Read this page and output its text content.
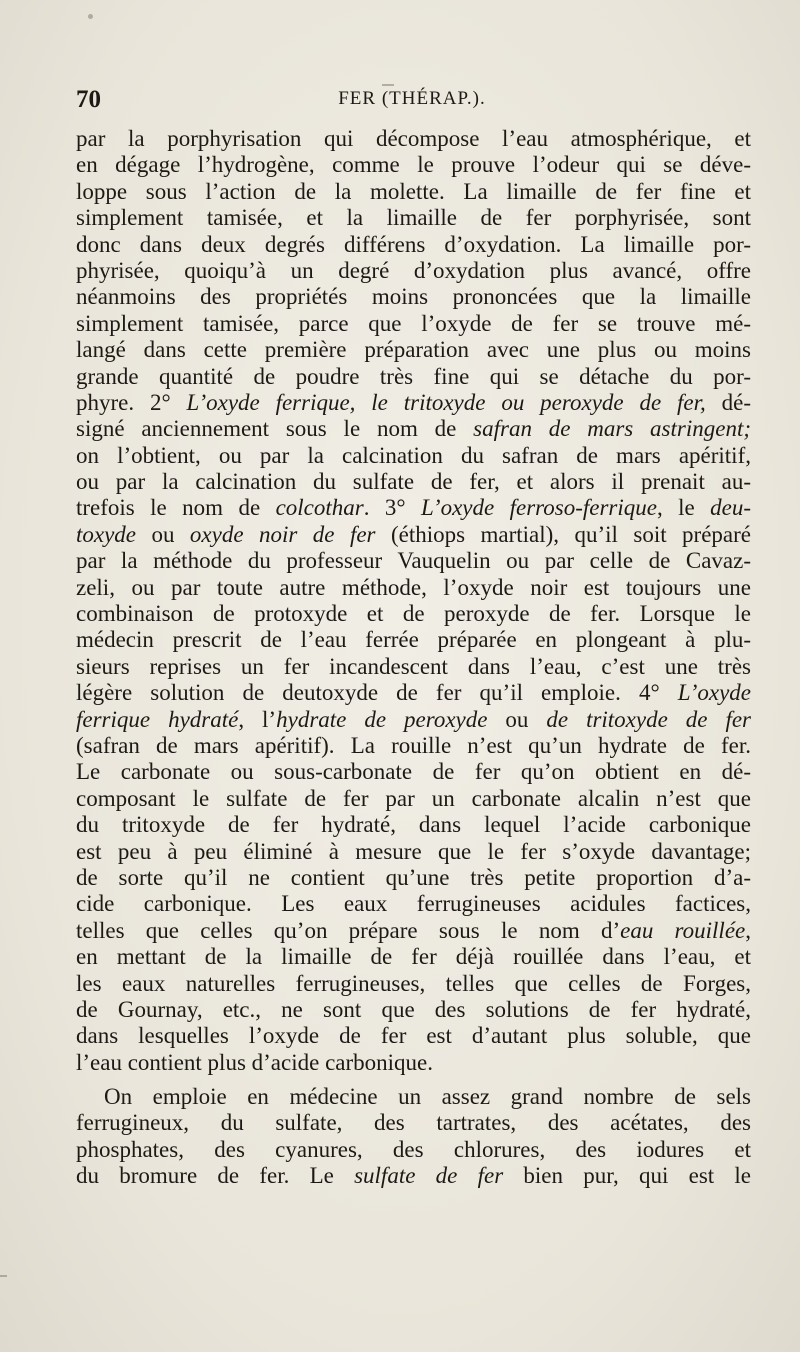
70	FER (THÉRAP.).
par la porphyrisation qui décompose l’eau atmosphérique, et
en dégage l’hydrogène, comme le prouve l’odeur qui se déve-
loppe sous l’action de la molette. La limaille de fer fine et
simplement tamisée, et la limaille de fer porphyrisée, sont
donc dans deux degrés différens d’oxydation. La limaille por-
phyrisée, quoiqu’à un degré d’oxydation plus avancé, offre
néanmoins des propriétés moins prononcées que la limaille
simplement tamisée, parce que l’oxyde de fer se trouve mé-
langé dans cette première préparation avec une plus ou moins
grande quantité de poudre très fine qui se détache du por-
phyre. 2° L’oxyde ferrique, le tritoxyde ou peroxyde de fer, dé-
signé anciennement sous le nom de safran de mars astringent;
on l’obtient, ou par la calcination du safran de mars apéritif,
ou par la calcination du sulfate de fer, et alors il prenait au-
trefois le nom de colcothar. 3° L’oxyde ferroso-ferrique, le deu-
toxyde ou oxyde noir de fer (éthiops martial), qu’il soit préparé
par la méthode du professeur Vauquelin ou par celle de Cavaz-
zeli, ou par toute autre méthode, l’oxyde noir est toujours une
combinaison de protoxyde et de peroxyde de fer. Lorsque le
médecin prescrit de l’eau ferrée préparée en plongeant à plu-
sieurs reprises un fer incandescent dans l’eau, c’est une très
légère solution de deutoxyde de fer qu’il emploie. 4° L’oxyde
ferrique hydraté, l’hydrate de peroxyde ou de tritoxyde de fer
(safran de mars apéritif). La rouille n’est qu’un hydrate de fer.
Le carbonate ou sous-carbonate de fer qu’on obtient en dé-
composant le sulfate de fer par un carbonate alcalin n’est que
du tritoxyde de fer hydraté, dans lequel l’acide carbonique
est peu à peu éliminé à mesure que le fer s’oxyde davantage;
de sorte qu’il ne contient qu’une très petite proportion d’a-
cide carbonique. Les eaux ferrugineuses acidules factices,
telles que celles qu’on prépare sous le nom d’eau rouillée,
en mettant de la limaille de fer déjà rouillée dans l’eau, et
les eaux naturelles ferrugineuses, telles que celles de Forges,
de Gournay, etc., ne sont que des solutions de fer hydraté,
dans lesquelles l’oxyde de fer est d’autant plus soluble, que
l’eau contient plus d’acide carbonique.
On emploie en médecine un assez grand nombre de sels
ferrugineux, du sulfate, des tartrates, des acétates, des
phosphates, des cyanures, des chlorures, des iodures et
du bromure de fer. Le sulfate de fer bien pur, qui est le
